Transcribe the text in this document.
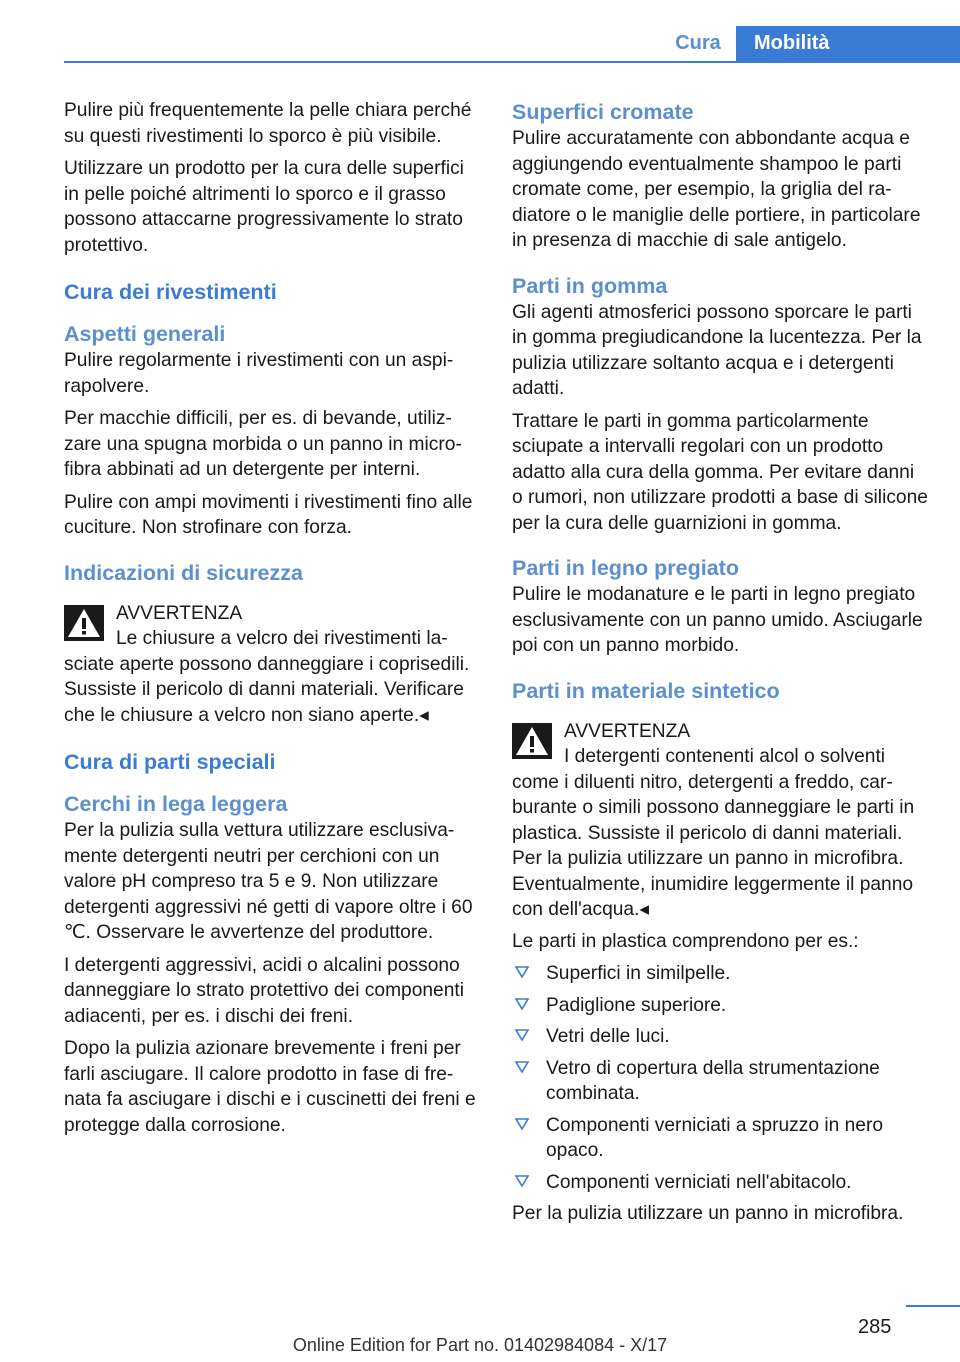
Cura	Mobilità

Pulire più frequentemente la pelle chiara perché su questi rivestimenti lo sporco è più visibile.

Utilizzare un prodotto per la cura delle superfici in pelle poiché altrimenti lo sporco e il grasso possono attaccarne progressivamente lo strato protettivo.

Cura dei rivestimenti
Aspetti generali

Pulire regolarmente i rivestimenti con un aspirapolvere.

Per macchie difficili, per es. di bevande, utilizzare una spugna morbida o un panno in microfibra abbinati ad un detergente per interni.

Pulire con ampi movimenti i rivestimenti fino alle cuciture. Non strofinare con forza.

Indicazioni di sicurezza
AVVERTENZA
Le chiusure a velcro dei rivestimenti lasciate aperte possono danneggiare i coprisedili. Sussiste il pericolo di danni materiali. Verificare che le chiusure a velcro non siano aperte.◂
Cura di parti speciali
Cerchi in lega leggera

Per la pulizia sulla vettura utilizzare esclusivamente detergenti neutri per cerchioni con un valore pH compreso tra 5 e 9. Non utilizzare detergenti aggressivi né getti di vapore oltre i 60 ℃. Osservare le avvertenze del produttore.

I detergenti aggressivi, acidi o alcalini possono danneggiare lo strato protettivo dei componenti adiacenti, per es. i dischi dei freni.

Dopo la pulizia azionare brevemente i freni per farli asciugare. Il calore prodotto in fase di frenata fa asciugare i dischi e i cuscinetti dei freni e protegge dalla corrosione.

Superfici cromate

Pulire accuratamente con abbondante acqua e aggiungendo eventualmente shampoo le parti cromate come, per esempio, la griglia del radiatore o le maniglie delle portiere, in particolare in presenza di macchie di sale antigelo.

Parti in gomma

Gli agenti atmosferici possono sporcare le parti in gomma pregiudicandone la lucentezza. Per la pulizia utilizzare soltanto acqua e i detergenti adatti.

Trattare le parti in gomma particolarmente sciupate a intervalli regolari con un prodotto adatto alla cura della gomma. Per evitare danni o rumori, non utilizzare prodotti a base di silicone per la cura delle guarnizioni in gomma.

Parti in legno pregiato

Pulire le modanature e le parti in legno pregiato esclusivamente con un panno umido. Asciugarle poi con un panno morbido.

Parti in materiale sintetico
AVVERTENZA
I detergenti contenenti alcol o solventi come i diluenti nitro, detergenti a freddo, carburante o simili possono danneggiare le parti in plastica. Sussiste il pericolo di danni materiali. Per la pulizia utilizzare un panno in microfibra. Eventualmente, inumidire leggermente il panno con dell'acqua.◂

Le parti in plastica comprendono per es.:

Superfici in similpelle.
Padiglione superiore.
Vetri delle luci.
Vetro di copertura della strumentazione combinata.
Componenti verniciati a spruzzo in nero opaco.
Componenti verniciati nell'abitacolo.

Per la pulizia utilizzare un panno in microfibra.

285
Online Edition for Part no. 01402984084 - X/17
